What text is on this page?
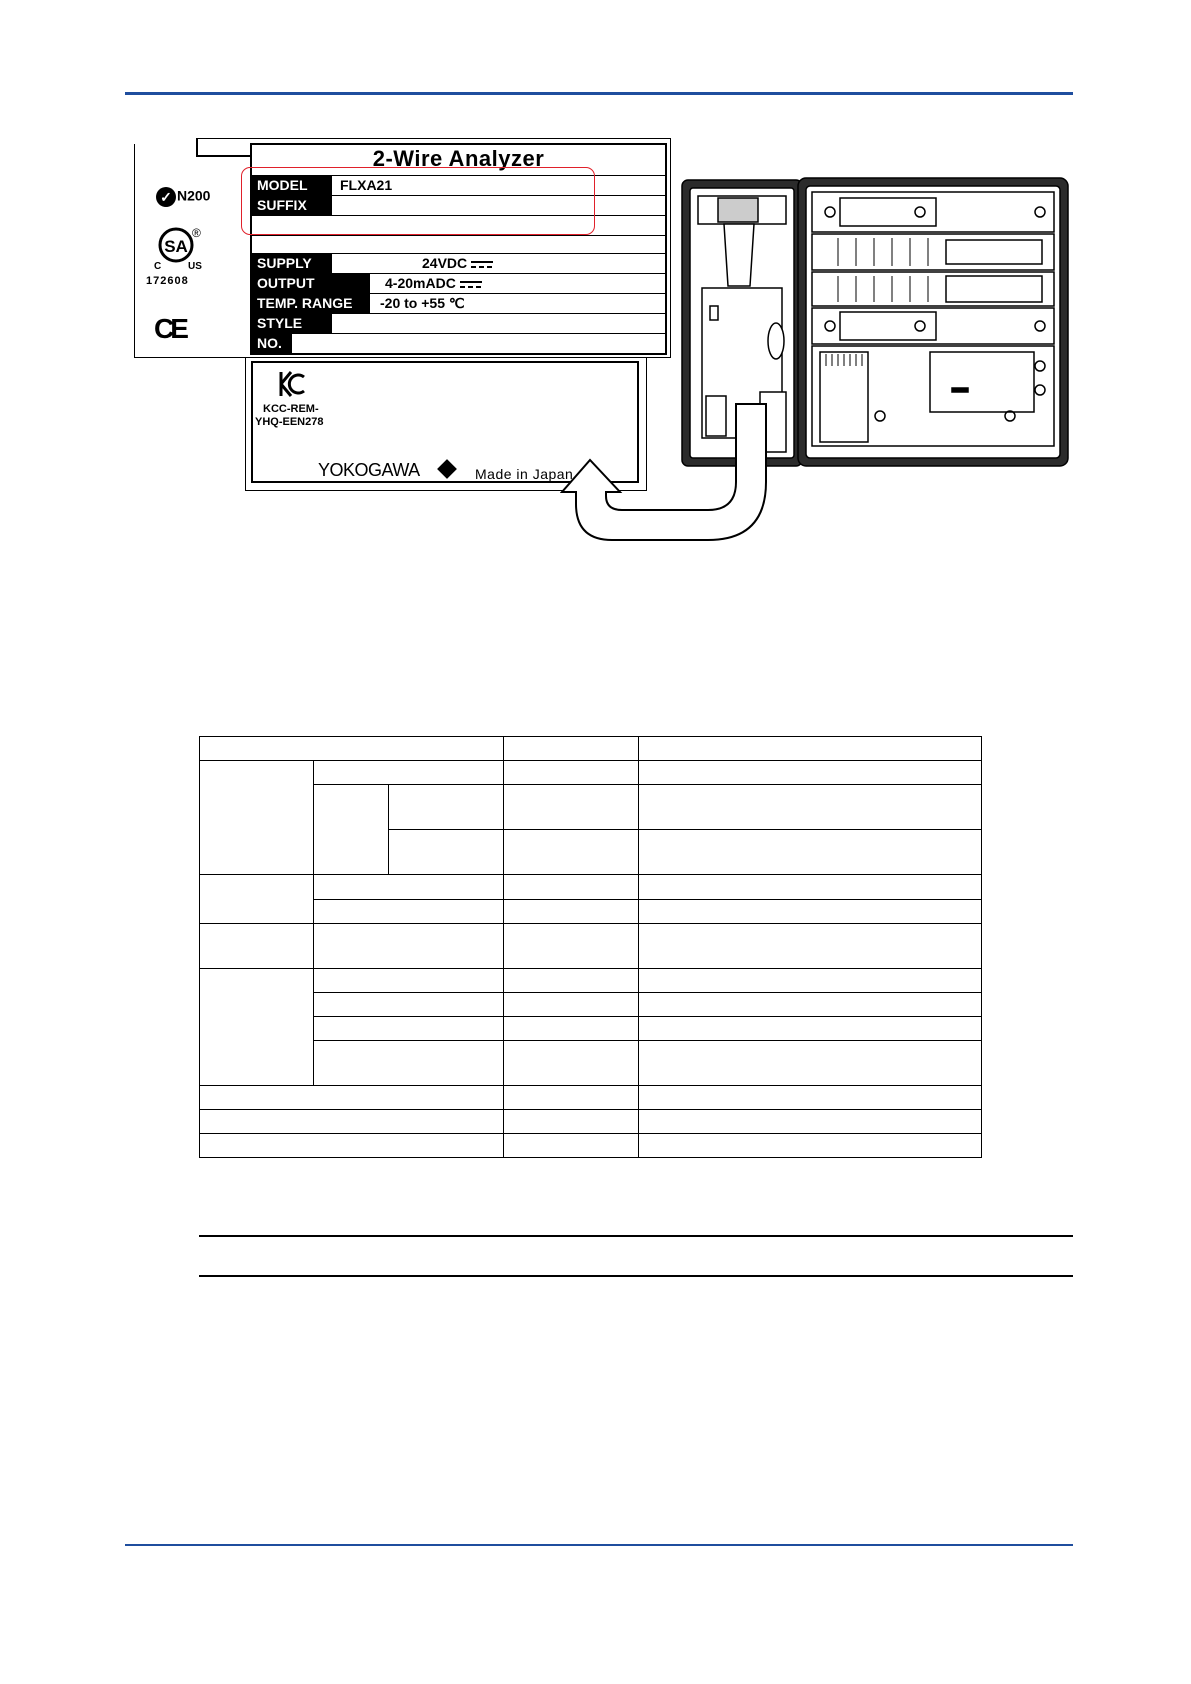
✓ N200
SA
C	US
®
172608
CE
2-Wire Analyzer
MODEL	FLXA21
SUFFIX
SUPPLY	24VDC
OUTPUT	4-20mADC
TEMP. RANGE	-20 to +55 ℃
STYLE
NO.
KCC-REM-
YHQ-EEN278
YOKOGAWA	Made in Japan
